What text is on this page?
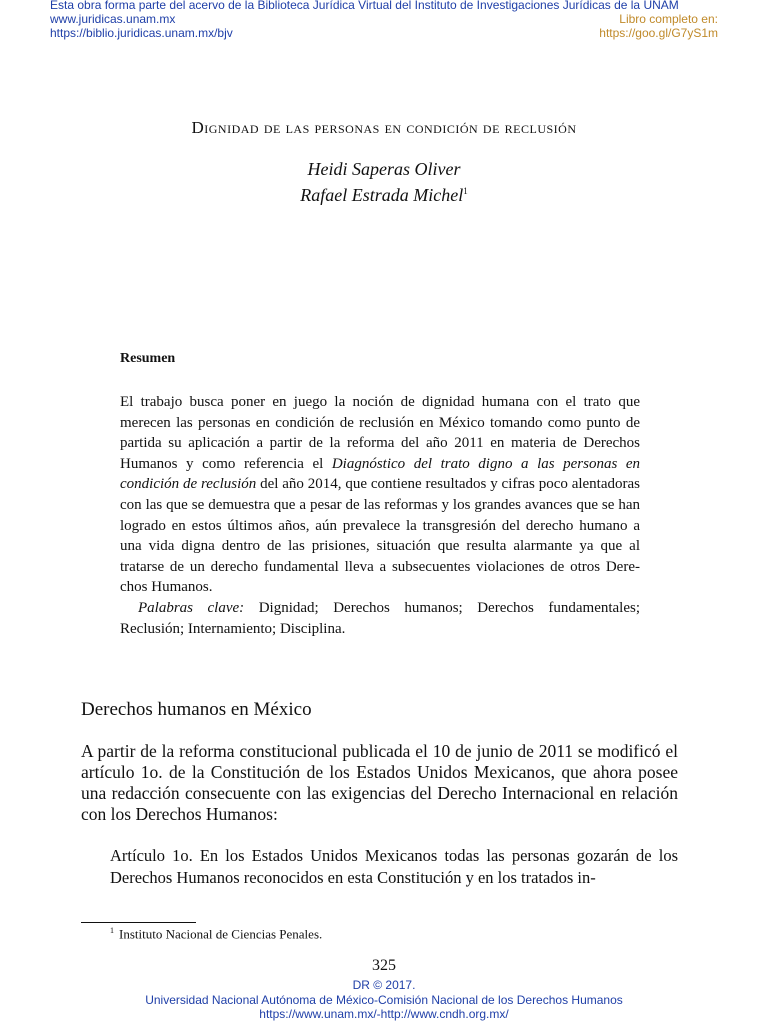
Esta obra forma parte del acervo de la Biblioteca Jurídica Virtual del Instituto de Investigaciones Jurídicas de la UNAM
www.juridicas.unam.mx
https://biblio.juridicas.unam.mx/bjv
Libro completo en:
https://goo.gl/G7yS1m
Dignidad de las personas en condición de reclusión
Heidi Saperas Oliver
Rafael Estrada Michel$^1$
Resumen

El trabajo busca poner en juego la noción de dignidad humana con el trato que merecen las personas en condición de reclusión en México tomando como punto de partida su aplicación a partir de la reforma del año 2011 en materia de Derechos Humanos y como referencia el Diagnóstico del trato digno a las personas en condición de reclusión del año 2014, que contiene resultados y cifras poco alentadoras con las que se demuestra que a pesar de las reformas y los grandes avances que se han logrado en estos últimos años, aún prevalece la transgresión del derecho humano a una vida digna dentro de las prisiones, situación que resulta alarmante ya que al tratarse de un derecho fundamental lleva a subsecuentes violaciones de otros Derechos Humanos.

Palabras clave: Dignidad; Derechos humanos; Derechos fundamentales; Reclusión; Internamiento; Disciplina.

Derechos humanos en México

A partir de la reforma constitucional publicada el 10 de junio de 2011 se modificó el artículo 1o. de la Constitución de los Estados Unidos Mexicanos, que ahora posee una redacción consecuente con las exigencias del Derecho Internacional en relación con los Derechos Humanos:

Artículo 1o. En los Estados Unidos Mexicanos todas las personas gozarán de los Derechos Humanos reconocidos en esta Constitución y en los tratados in-

$^1$ Instituto Nacional de Ciencias Penales.
325
DR © 2017.
Universidad Nacional Autónoma de México-Comisión Nacional de los Derechos Humanos
https://www.unam.mx/-http://www.cndh.org.mx/
